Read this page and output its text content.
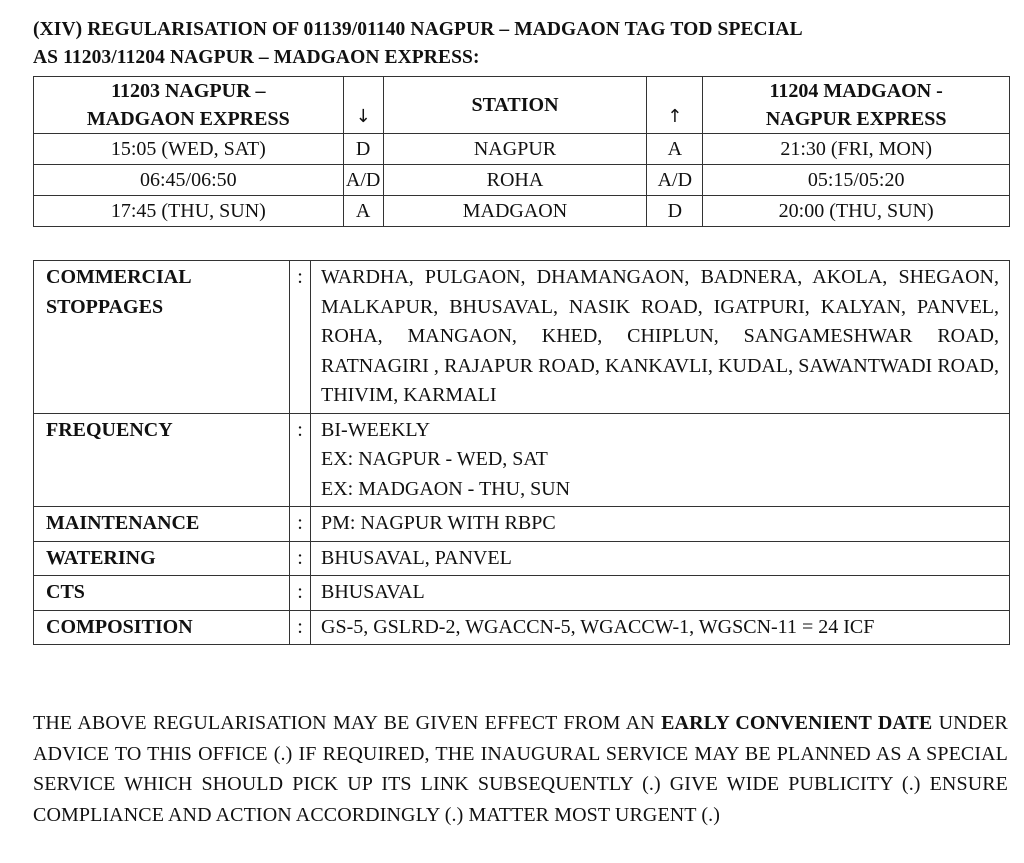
(XIV) REGULARISATION OF 01139/01140 NAGPUR – MADGAON TAG TOD SPECIAL
AS 11203/11204 NAGPUR – MADGAON EXPRESS:
11203 NAGPUR –
MADGAON EXPRESS	↓	STATION	↑	11204 MADGAON -
NAGPUR EXPRESS

15:05 (WED, SAT)	D	NAGPUR	A	21:30 (FRI, MON)
06:45/06:50	A/D	ROHA	A/D	05:15/05:20
17:45 (THU, SUN)	A	MADGAON	D	20:00 (THU, SUN)
COMMERCIAL
STOPPAGES	:	WARDHA, PULGAON, DHAMANGAON, BADNERA, AKOLA, SHEGAON, MALKAPUR, BHUSAVAL, NASIK ROAD, IGATPURI, KALYAN, PANVEL, ROHA, MANGAON, KHED, CHIPLUN, SANGAMESHWAR ROAD, RATNAGIRI , RAJAPUR ROAD, KANKAVLI, KUDAL, SAWANTWADI ROAD, THIVIM, KARMALI
FREQUENCY	:	BI-WEEKLY
EX: NAGPUR - WED, SAT
EX: MADGAON - THU, SUN

MAINTENANCE	:	PM: NAGPUR WITH RBPC
WATERING	:	BHUSAVAL, PANVEL
CTS	:	BHUSAVAL
COMPOSITION	:	GS-5, GSLRD-2, WGACCN-5, WGACCW-1, WGSCN-11 = 24 ICF
THE ABOVE REGULARISATION MAY BE GIVEN EFFECT FROM AN EARLY CONVENIENT DATE UNDER ADVICE TO THIS OFFICE (.) IF REQUIRED, THE INAUGURAL SERVICE MAY BE PLANNED AS A SPECIAL SERVICE WHICH SHOULD PICK UP ITS LINK SUBSEQUENTLY (.) GIVE WIDE PUBLICITY (.) ENSURE COMPLIANCE AND ACTION ACCORDINGLY (.) MATTER MOST URGENT (.)
